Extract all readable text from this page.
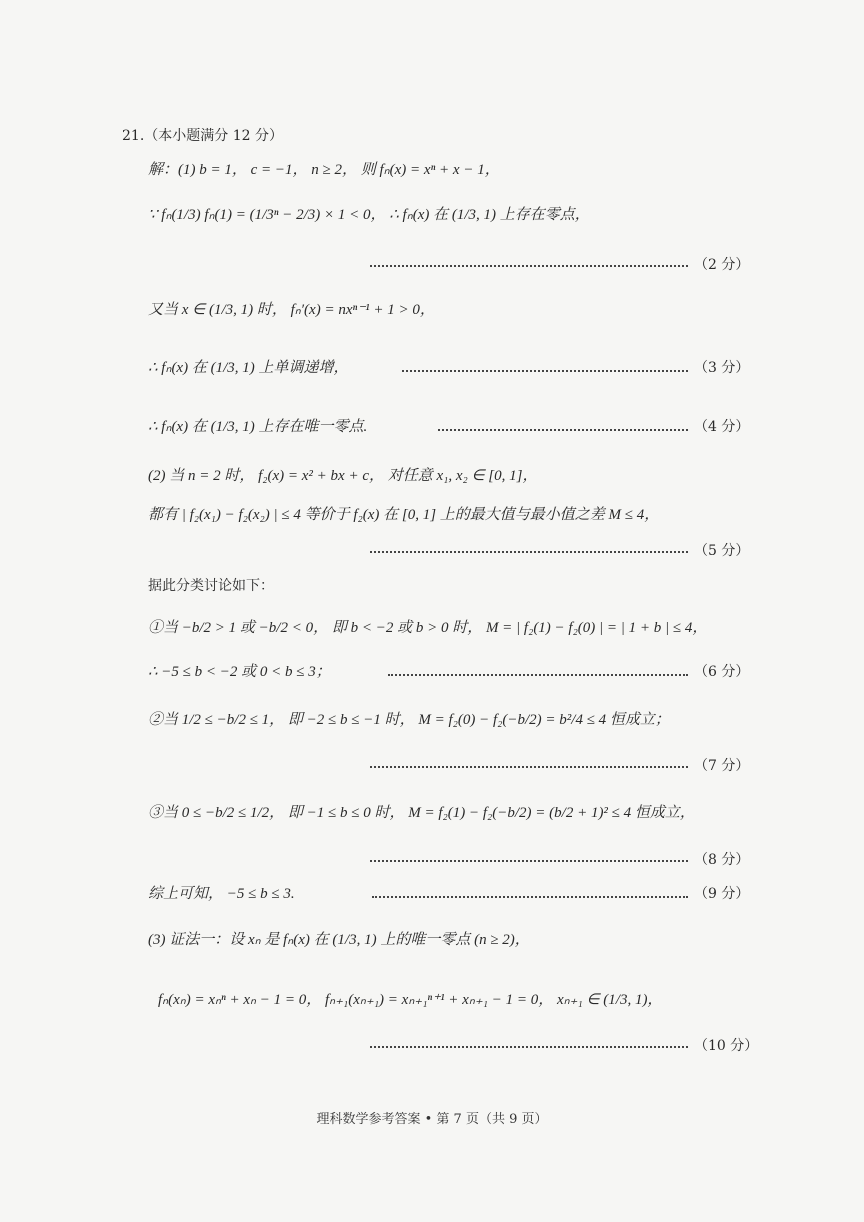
21.（本小题满分 12 分）
解：(1) b = 1， c = −1， n ≥ 2， 则 fₙ(x) = xⁿ + x − 1，
∵ fₙ(1/3) fₙ(1) = (1/3ⁿ − 2/3) × 1 < 0， ∴ fₙ(x) 在 (1/3, 1) 上存在零点，
（2 分）
又当 x ∈ (1/3, 1) 时， fₙ′(x) = nxⁿ⁻¹ + 1 > 0，
∴ fₙ(x) 在 (1/3, 1) 上单调递增，	（3 分）
∴ fₙ(x) 在 (1/3, 1) 上存在唯一零点.	（4 分）
(2) 当 n = 2 时， f₂(x) = x² + bx + c， 对任意 x₁, x₂ ∈ [0, 1]，
都有 | f₂(x₁) − f₂(x₂) | ≤ 4 等价于 f₂(x) 在 [0, 1] 上的最大值与最小值之差 M ≤ 4，
（5 分）
据此分类讨论如下：
①当 −b/2 > 1 或 −b/2 < 0， 即 b < −2 或 b > 0 时， M = | f₂(1) − f₂(0) | = | 1 + b | ≤ 4，
∴ −5 ≤ b < −2 或 0 < b ≤ 3；	（6 分）
②当 1/2 ≤ −b/2 ≤ 1， 即 −2 ≤ b ≤ −1 时， M = f₂(0) − f₂(−b/2) = b²/4 ≤ 4 恒成立；
（7 分）
③当 0 ≤ −b/2 ≤ 1/2， 即 −1 ≤ b ≤ 0 时， M = f₂(1) − f₂(−b/2) = (b/2 + 1)² ≤ 4 恒成立，
（8 分）
综上可知， −5 ≤ b ≤ 3.	（9 分）
(3) 证法一：设 xₙ 是 fₙ(x) 在 (1/3, 1) 上的唯一零点 (n ≥ 2)，
fₙ(xₙ) = xₙⁿ + xₙ − 1 = 0， fₙ₊₁(xₙ₊₁) = xₙ₊₁ⁿ⁺¹ + xₙ₊₁ − 1 = 0， xₙ₊₁ ∈ (1/3, 1)，
（10 分）
理科数学参考答案 • 第 7 页（共 9 页）
